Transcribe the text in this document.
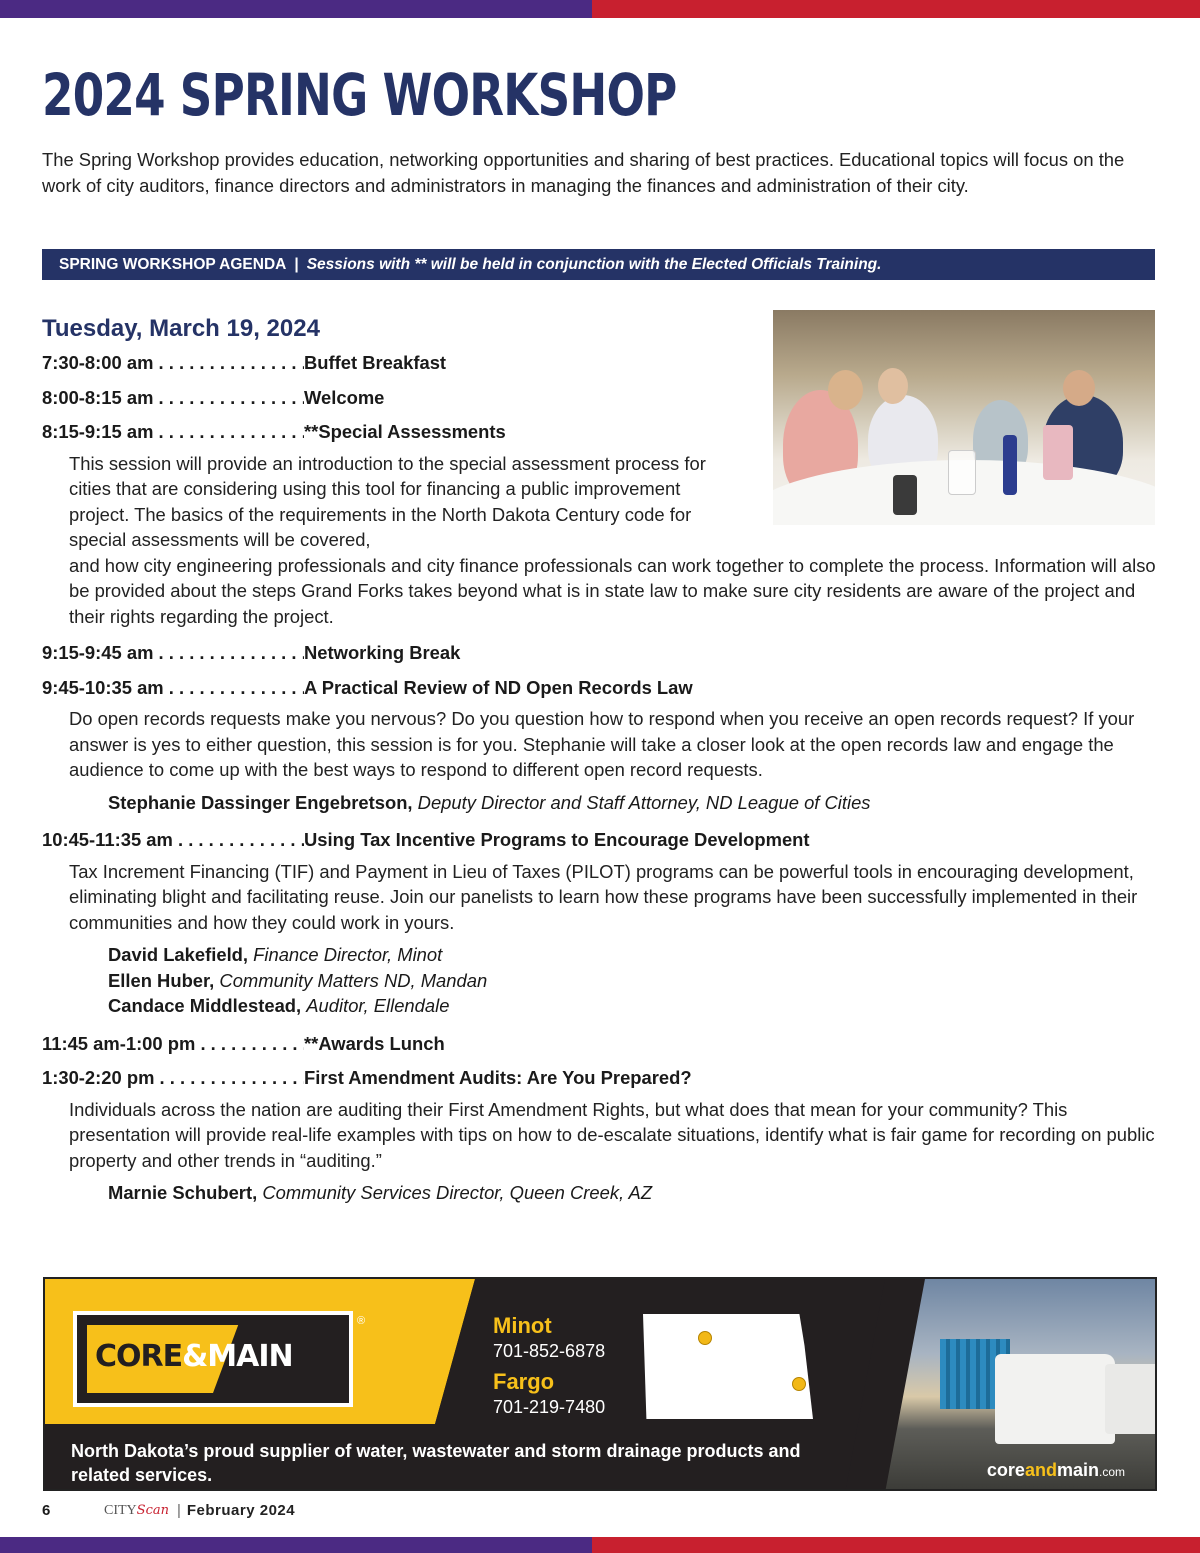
2024 SPRING WORKSHOP
The Spring Workshop provides education, networking opportunities and sharing of best practices. Educational topics will focus on the work of city auditors, finance directors and administrators in managing the finances and administration of their city.
SPRING WORKSHOP AGENDA | Sessions with ** will be held in conjunction with the Elected Officials Training.
Tuesday, March 19, 2024
7:30-8:00 am . . .	Buffet Breakfast
8:00-8:15 am . . .	Welcome
8:15-9:15 am . . .	**Special Assessments
This session will provide an introduction to the special assessment process for cities that are considering using this tool for financing a public improvement project. The basics of the requirements in the North Dakota Century code for special assessments will be covered,
and how city engineering professionals and city finance professionals can work together to complete the process. Information will also be provided about the steps Grand Forks takes beyond what is in state law to make sure city residents are aware of the project and their rights regarding the project.
9:15-9:45 am . . .	Networking Break
9:45-10:35 am . . .	A Practical Review of ND Open Records Law
Do open records requests make you nervous? Do you question how to respond when you receive an open records request? If your answer is yes to either question, this session is for you. Stephanie will take a closer look at the open records law and engage the audience to come up with the best ways to respond to different open record requests.
Stephanie Dassinger Engebretson, Deputy Director and Staff Attorney, ND League of Cities
10:45-11:35 am . . .	Using Tax Incentive Programs to Encourage Development
Tax Increment Financing (TIF) and Payment in Lieu of Taxes (PILOT) programs can be powerful tools in encouraging development, eliminating blight and facilitating reuse. Join our panelists to learn how these programs have been successfully implemented in their communities and how they could work in yours.
David Lakefield, Finance Director, Minot
Ellen Huber, Community Matters ND, Mandan
Candace Middlestead, Auditor, Ellendale
11:45 am-1:00 pm . . .	**Awards Lunch
1:30-2:20 pm . . .	First Amendment Audits: Are You Prepared?
Individuals across the nation are auditing their First Amendment Rights, but what does that mean for your community? This presentation will provide real-life examples with tips on how to de-escalate situations, identify what is fair game for recording on public property and other trends in “auditing.”
Marnie Schubert, Community Services Director, Queen Creek, AZ
CORE&MAIN
®	Minot
701-852-6878
Fargo
701-219-7480
North Dakota’s proud supplier of water, wastewater and storm drainage products and related services.	coreandmain.com
6	CITYScan | February 2024
